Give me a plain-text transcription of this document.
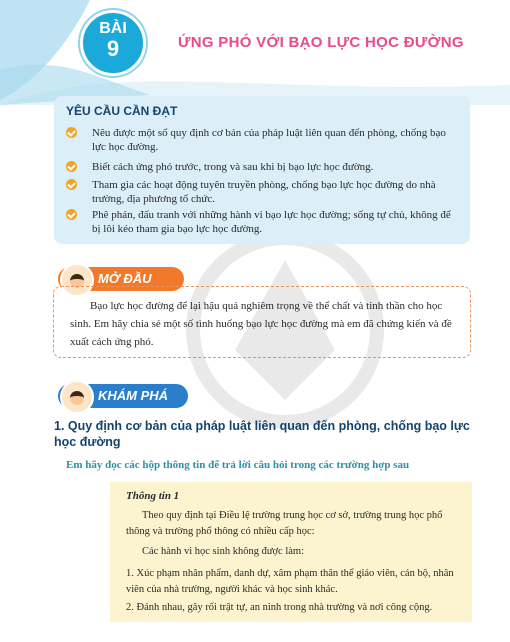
BÀI
9	ỨNG PHÓ VỚI BẠO LỰC HỌC ĐƯỜNG
YÊU CẦU CẦN ĐẠT
Nêu được một số quy định cơ bản của pháp luật liên quan đến phòng, chống bạo lực học đường.
Biết cách ứng phó trước, trong và sau khi bị bạo lực học đường.
Tham gia các hoạt động tuyên truyền phòng, chống bạo lực học đường do nhà trường, địa phương tổ chức.
Phê phán, đấu tranh với những hành vi bạo lực học đường; sống tự chủ, không để bị lôi kéo tham gia bạo lực học đường.
MỞ ĐẦU
Bạo lực học đường để lại hậu quả nghiêm trọng về thể chất và tinh thần cho học sinh. Em hãy chia sẻ một số tình huống bạo lực học đường mà em đã chứng kiến và đề xuất cách ứng phó.
KHÁM PHÁ
1. Quy định cơ bản của pháp luật liên quan đến phòng, chống bạo lực học đường
Em hãy đọc các hộp thông tin để trả lời câu hỏi trong các trường hợp sau
Thông tin 1
Theo quy định tại Điều lệ trường trung học cơ sở, trường trung học phổ thông và trường phổ thông có nhiều cấp học:
Các hành vi học sinh không được làm:
1. Xúc phạm nhân phẩm, danh dự, xâm phạm thân thể giáo viên, cán bộ, nhân viên của nhà trường, người khác và học sinh khác.
2. Đánh nhau, gây rối trật tự, an ninh trong nhà trường và nơi công cộng.
